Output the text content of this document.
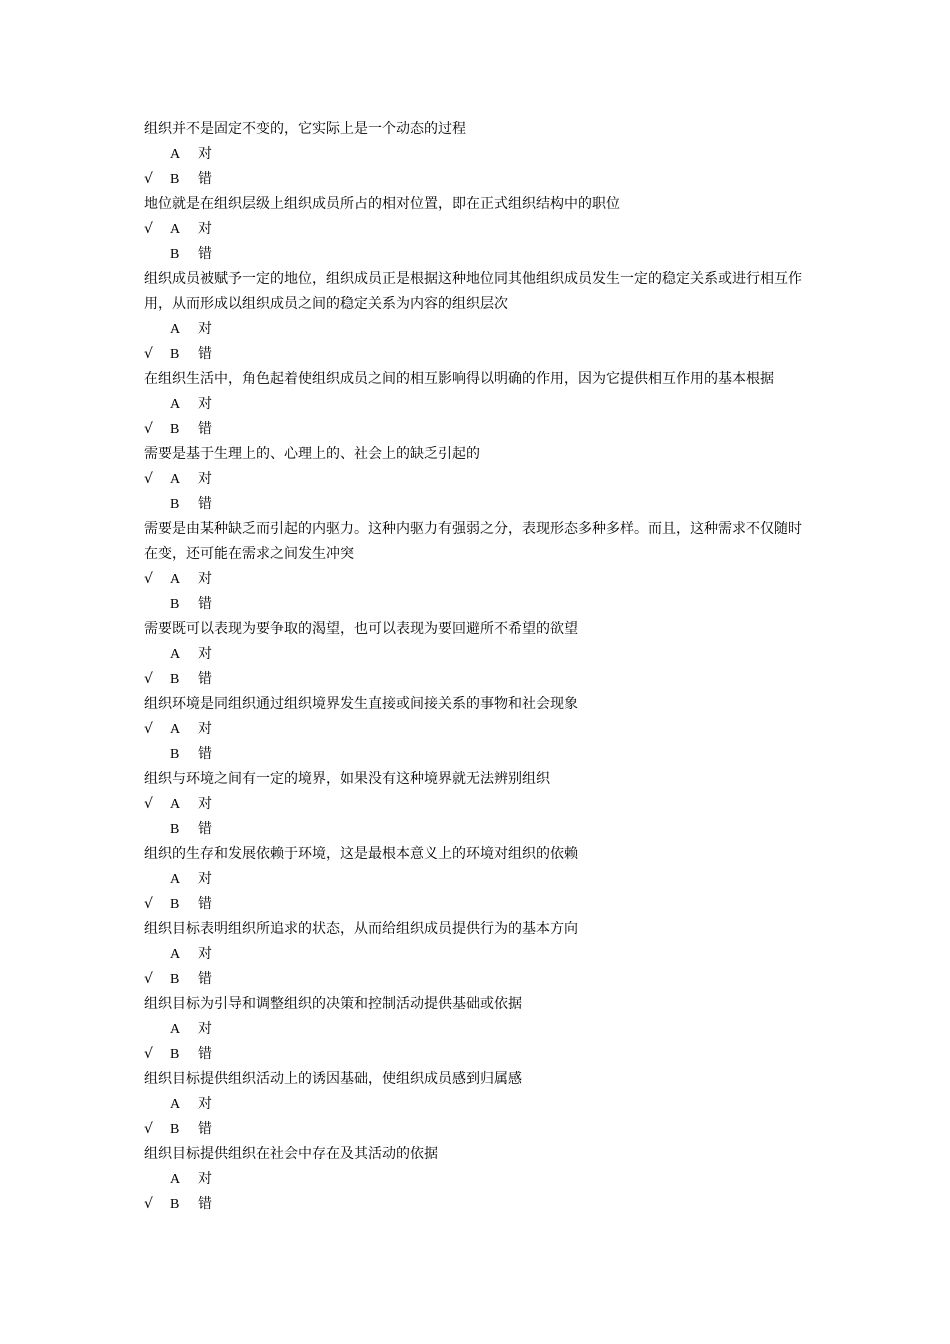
组织并不是固定不变的，它实际上是一个动态的过程

A 对
√	B 错

地位就是在组织层级上组织成员所占的相对位置，即在正式组织结构中的职位

√	A 对
B 错

组织成员被赋予一定的地位，组织成员正是根据这种地位同其他组织成员发生一定的稳定关系或进行相互作用，从而形成以组织成员之间的稳定关系为内容的组织层次

A 对
√	B 错

在组织生活中，角色起着使组织成员之间的相互影响得以明确的作用，因为它提供相互作用的基本根据

A 对
√	B 错

需要是基于生理上的、心理上的、社会上的缺乏引起的

√	A 对
B 错

需要是由某种缺乏而引起的内驱力。这种内驱力有强弱之分，表现形态多种多样。而且，这种需求不仅随时在变，还可能在需求之间发生冲突

√	A 对
B 错

需要既可以表现为要争取的渴望，也可以表现为要回避所不希望的欲望

A 对
√	B 错

组织环境是同组织通过组织境界发生直接或间接关系的事物和社会现象

√	A 对
B 错

组织与环境之间有一定的境界，如果没有这种境界就无法辨别组织

√	A 对
B 错

组织的生存和发展依赖于环境，这是最根本意义上的环境对组织的依赖

A 对
√	B 错

组织目标表明组织所追求的状态，从而给组织成员提供行为的基本方向

A 对
√	B 错

组织目标为引导和调整组织的决策和控制活动提供基础或依据

A 对
√	B 错

组织目标提供组织活动上的诱因基础，使组织成员感到归属感

A 对
√	B 错

组织目标提供组织在社会中存在及其活动的依据

A 对
√	B 错
